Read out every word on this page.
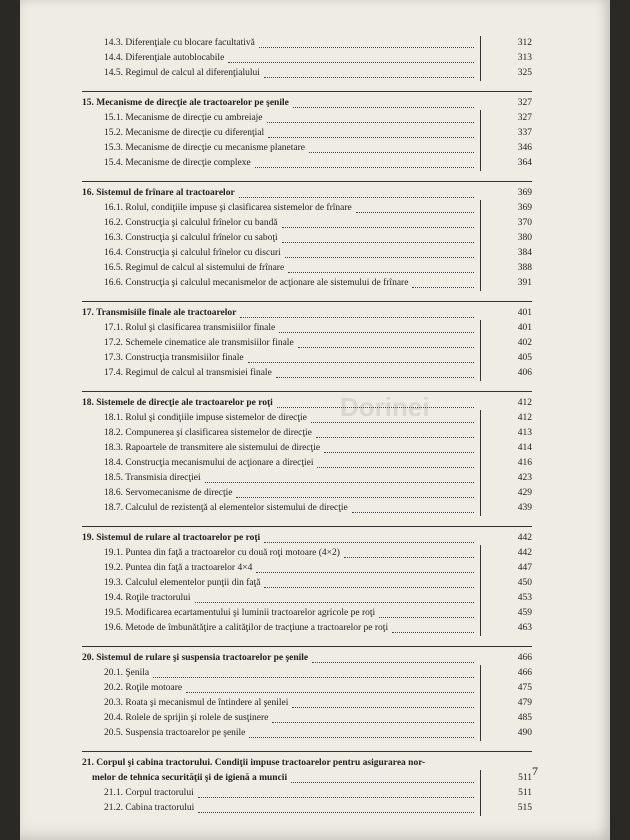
14.3. Diferenţiale cu blocare facultativă	312
14.4. Diferenţiale autoblocabile	313
14.5. Regimul de calcul al diferenţialului	325
15. Mecanisme de direcţie ale tractoarelor pe şenile	327
15.1. Mecanisme de direcţie cu ambreiaje	327
15.2. Mecanisme de direcţie cu diferenţial	337
15.3. Mecanisme de direcţie cu mecanisme planetare	346
15.4. Mecanisme de direcţie complexe	364
16. Sistemul de frînare al tractoarelor	369
16.1. Rolul, condiţiile impuse şi clasificarea sistemelor de frînare	369
16.2. Construcţia şi calculul frînelor cu bandă	370
16.3. Construcţia şi calculul frînelor cu saboţi	380
16.4. Construcţia şi calculul frînelor cu discuri	384
16.5. Regimul de calcul al sistemului de frînare	388
16.6. Construcţia şi calculul mecanismelor de acţionare ale sistemului de frînare	391
17. Transmisiile finale ale tractoarelor	401
17.1. Rolul şi clasificarea transmisiilor finale	401
17.2. Schemele cinematice ale transmisiilor finale	402
17.3. Construcţia transmisiilor finale	405
17.4. Regimul de calcul al transmisiei finale	406
18. Sistemele de direcţie ale tractoarelor pe roţi	412
18.1. Rolul şi condiţiile impuse sistemelor de direcţie	412
18.2. Compunerea şi clasificarea sistemelor de direcţie	413
18.3. Rapoartele de transmitere ale sistemului de direcţie	414
18.4. Construcţia mecanismului de acţionare a direcţiei	416
18.5. Transmisia direcţiei	423
18.6. Servomecanisme de direcţie	429
18.7. Calculul de rezistenţă al elementelor sistemului de direcţie	439
19. Sistemul de rulare al tractoarelor pe roţi	442
19.1. Puntea din faţă a tractoarelor cu două roţi motoare (4×2)	442
19.2. Puntea din faţă a tractoarelor 4×4	447
19.3. Calculul elementelor punţii din faţă	450
19.4. Roţile tractorului	453
19.5. Modificarea ecartamentului şi luminii tractoarelor agricole pe roţi	459
19.6. Metode de îmbunătăţire a calităţilor de tracţiune a tractoarelor pe roţi	463
20. Sistemul de rulare şi suspensia tractoarelor pe şenile	466
20.1. Şenila	466
20.2. Roţile motoare	475
20.3. Roata şi mecanismul de întindere al şenilei	479
20.4. Rolele de sprijin şi rolele de susţinere	485
20.5. Suspensia tractoarelor pe şenile	490
21. Corpul şi cabina tractorului. Condiţii impuse tractoarelor pentru asigurarea nor-
melor de tehnica securităţii şi de igienă a muncii	511
21.1. Corpul tractorului	511
21.2. Cabina tractorului	515
Dorinei
7
